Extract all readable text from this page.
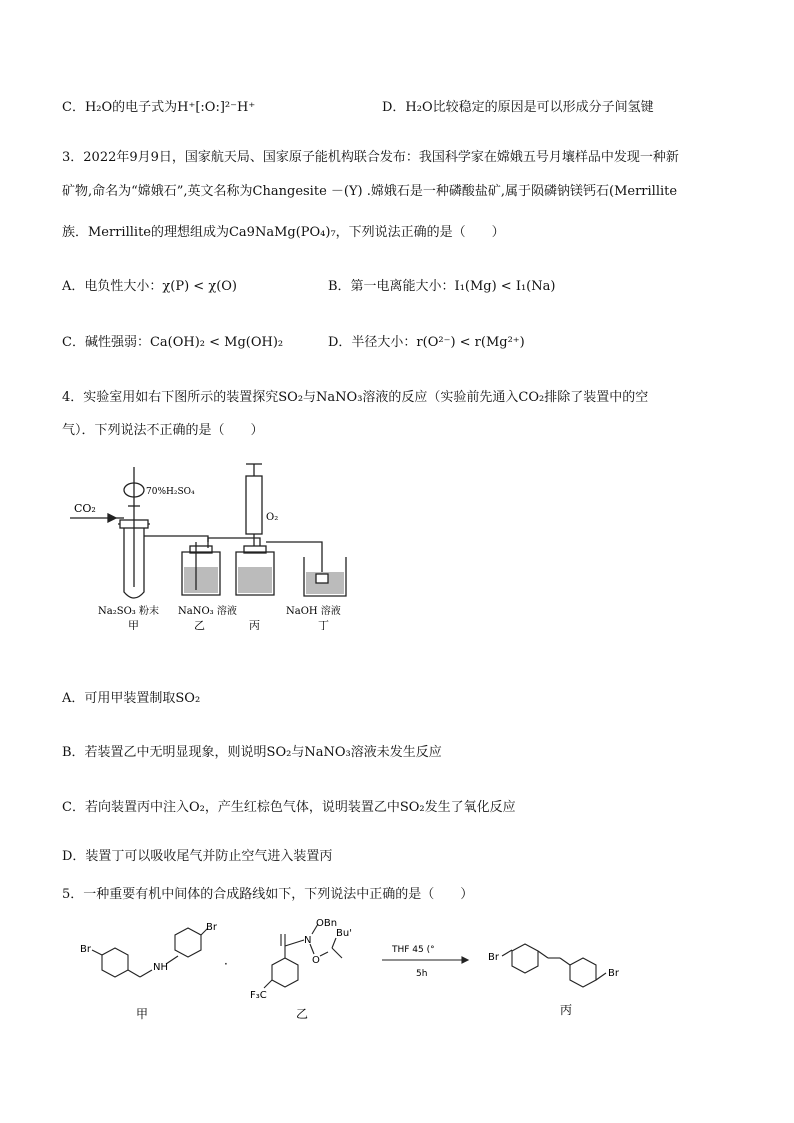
C．H₂O的电子式为H⁺[:O:]²⁻H⁺	D．H₂O比较稳定的原因是可以形成分子间氢键
3．2022年9月9日，国家航天局、国家原子能机构联合发布：我国科学家在嫦娥五号月壤样品中发现一种新
矿物,命名为“嫦娥石”,英文名称为Changesite －(Y) .嫦娥石是一种磷酸盐矿,属于陨磷钠镁钙石(Merrillite
族．Merrillite的理想组成为Ca9NaMg(PO₄)₇，下列说法正确的是（　　）
A．电负性大小：χ(P) < χ(O)	B．第一电离能大小：I₁(Mg) < I₁(Na)
C．碱性强弱：Ca(OH)₂ < Mg(OH)₂	D．半径大小：r(O²⁻) < r(Mg²⁺)
4．实验室用如右下图所示的装置探究SO₂与NaNO₃溶液的反应（实验前先通入CO₂排除了装置中的空
气）．下列说法不正确的是（　　）
CO₂
70%H₂SO₄
O₂
Na₂SO₃ 粉末 NaNO₃ 溶液	NaOH 溶液
甲	乙	丙	丁
A．可用甲装置制取SO₂
B．若装置乙中无明显现象，则说明SO₂与NaNO₃溶液未发生反应
C．若向装置丙中注入O₂，产生红棕色气体，说明装置乙中SO₂发生了氧化反应
D．装置丁可以吸收尾气并防止空气进入装置丙
5．一种重要有机中间体的合成路线如下，下列说法中正确的是（　　）
Br
NH
Br
·
N
OBn
O
Bu'
F₃C
THF 45 (°
5h
Br
Br
甲	乙	丙
